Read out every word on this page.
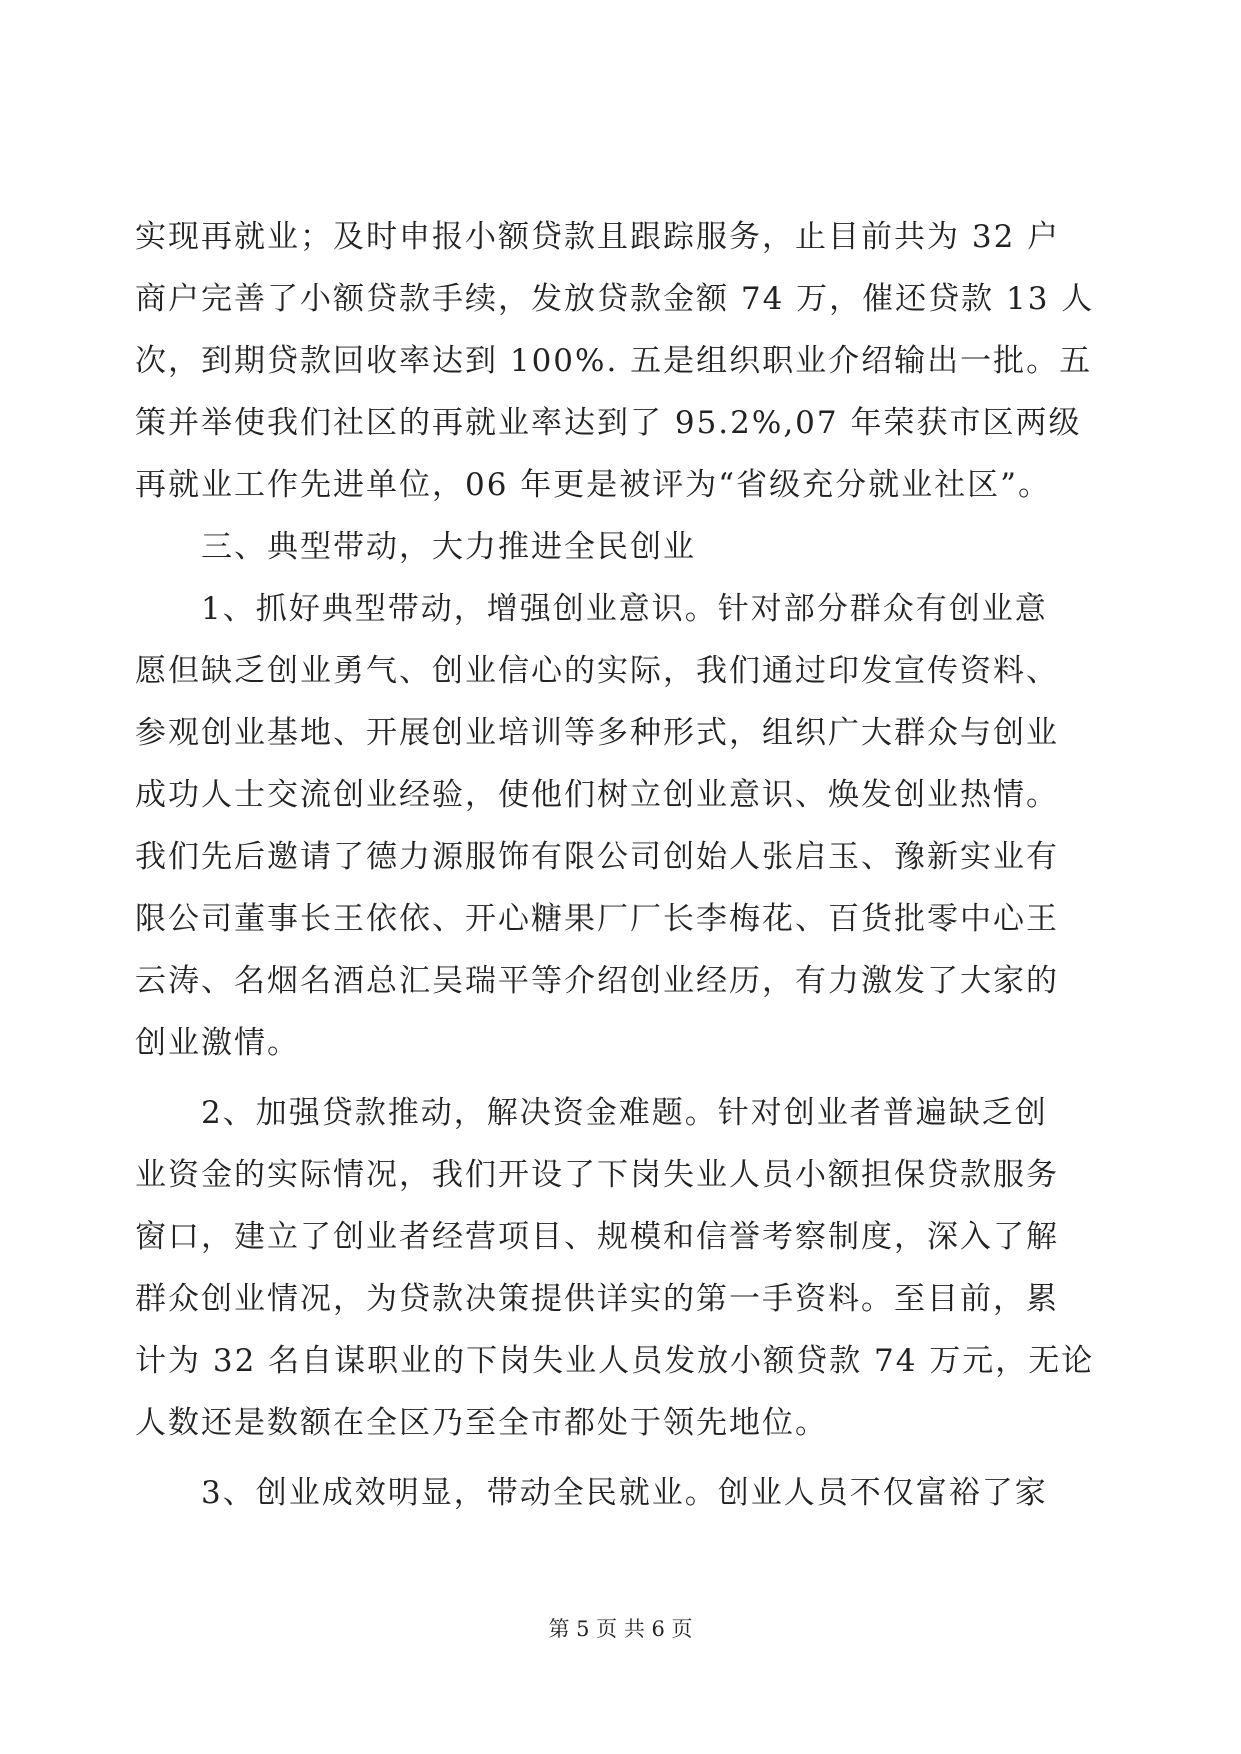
实现再就业；及时申报小额贷款且跟踪服务，止目前共为 32 户
商户完善了小额贷款手续，发放贷款金额 74 万，催还贷款 13 人
次，到期贷款回收率达到 100%. 五是组织职业介绍输出一批。五
策并举使我们社区的再就业率达到了 95.2%,07 年荣获市区两级
再就业工作先进单位，06 年更是被评为“省级充分就业社区”。
　　三、典型带动，大力推进全民创业
　　1、抓好典型带动，增强创业意识。针对部分群众有创业意
愿但缺乏创业勇气、创业信心的实际，我们通过印发宣传资料、
参观创业基地、开展创业培训等多种形式，组织广大群众与创业
成功人士交流创业经验，使他们树立创业意识、焕发创业热情。
我们先后邀请了德力源服饰有限公司创始人张启玉、豫新实业有
限公司董事长王依依、开心糖果厂厂长李梅花、百货批零中心王
云涛、名烟名酒总汇吴瑞平等介绍创业经历，有力激发了大家的
创业激情。
　　2、加强贷款推动，解决资金难题。针对创业者普遍缺乏创
业资金的实际情况，我们开设了下岗失业人员小额担保贷款服务
窗口，建立了创业者经营项目、规模和信誉考察制度，深入了解
群众创业情况，为贷款决策提供详实的第一手资料。至目前，累
计为 32 名自谋职业的下岗失业人员发放小额贷款 74 万元，无论
人数还是数额在全区乃至全市都处于领先地位。
　　3、创业成效明显，带动全民就业。创业人员不仅富裕了家
第 5 页 共 6 页
